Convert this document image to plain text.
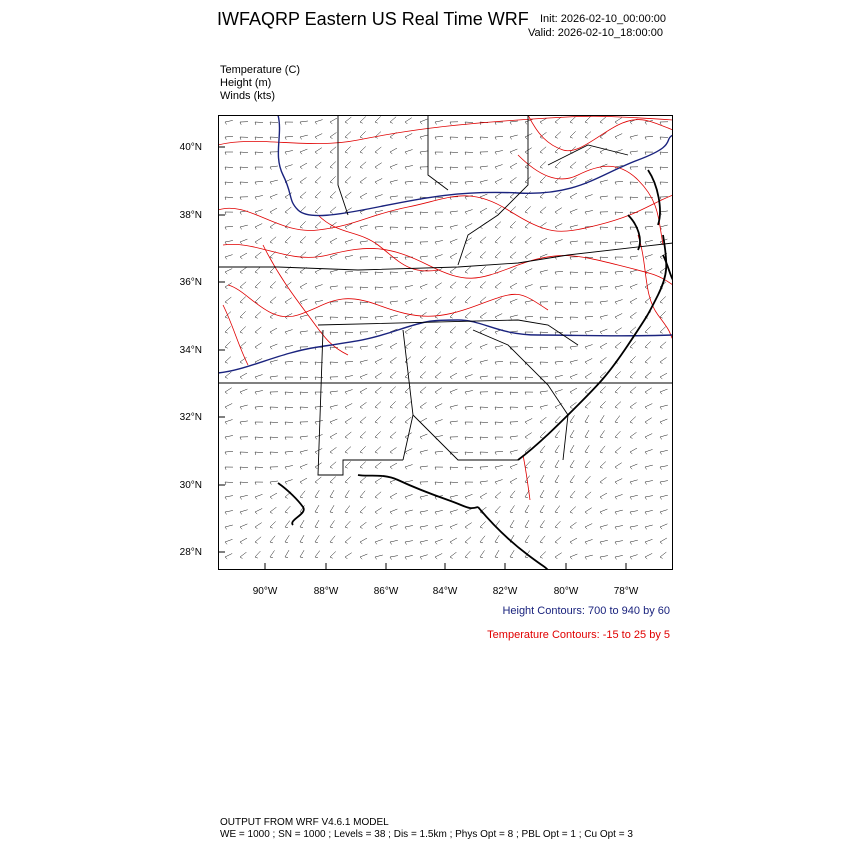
IWFAQRP Eastern US Real Time WRF Init: 2026-02-10_00:00:00
Valid: 2026-02-10_18:00:00
Temperature (C)
Height (m)
Winds (kts)
40°N
38°N
36°N
34°N
32°N
30°N
28°N
90°W	88°W	86°W	84°W	82°W	80°W	78°W
Height Contours: 700 to 940 by 60
Temperature Contours: -15 to 25 by 5
OUTPUT FROM WRF V4.6.1 MODEL
WE = 1000 ; SN = 1000 ; Levels = 38 ; Dis = 1.5km ; Phys Opt = 8 ; PBL Opt = 1 ; Cu Opt = 3
